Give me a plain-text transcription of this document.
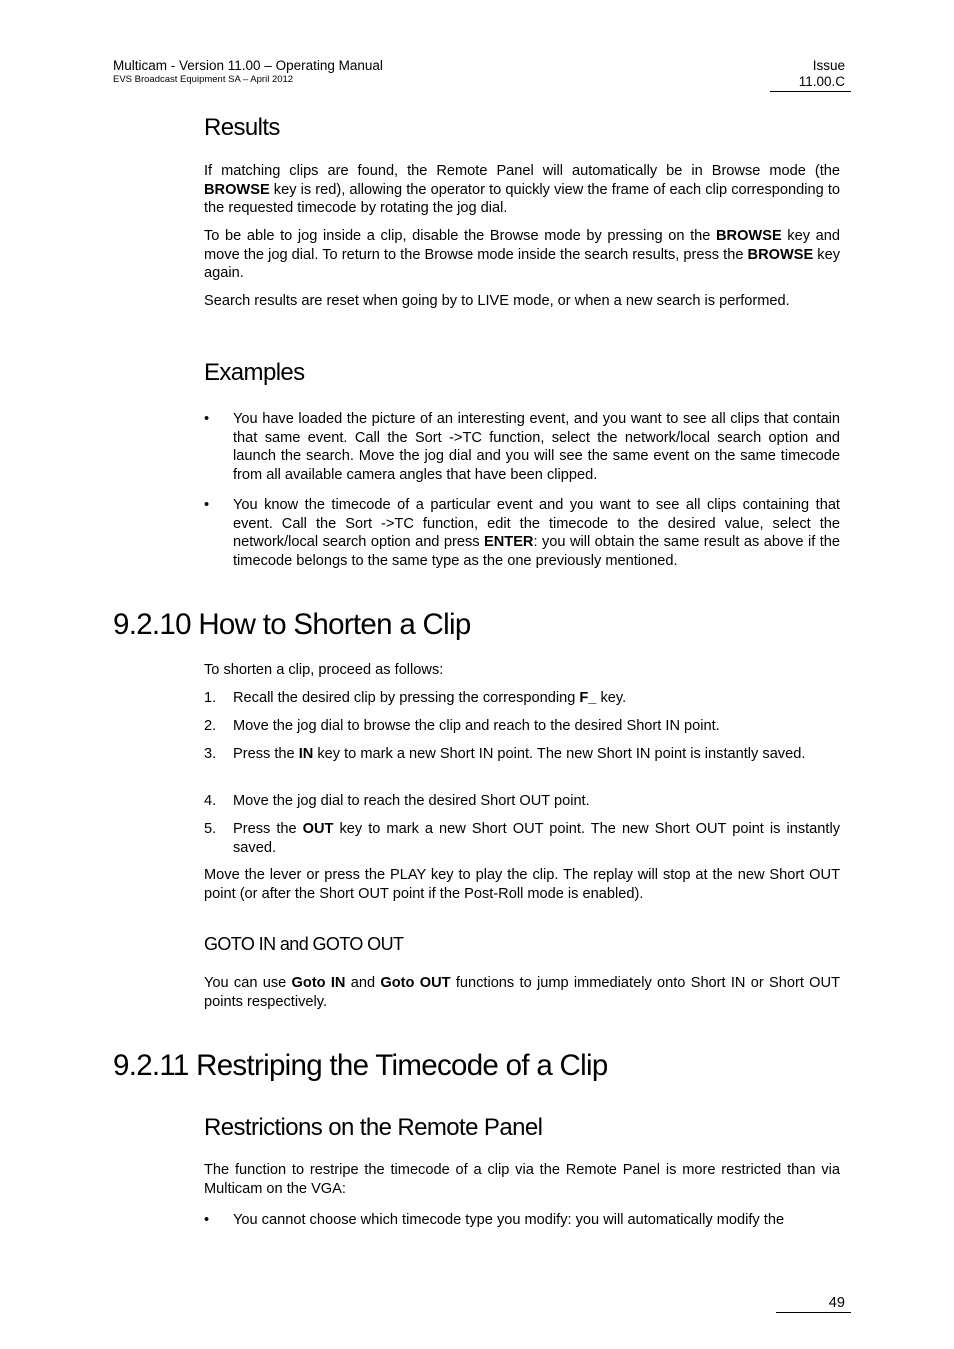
Multicam - Version 11.00 – Operating Manual
EVS Broadcast Equipment SA – April 2012
Issue
11.00.C
Results

If matching clips are found, the Remote Panel will automatically be in Browse mode (the BROWSE key is red), allowing the operator to quickly view the frame of each clip corresponding to the requested timecode by rotating the jog dial.

To be able to jog inside a clip, disable the Browse mode by pressing on the BROWSE key and move the jog dial. To return to the Browse mode inside the search results, press the BROWSE key again.

Search results are reset when going by to LIVE mode, or when a new search is performed.

Examples
•	You have loaded the picture of an interesting event, and you want to see all clips that contain that same event. Call the Sort ->TC function, select the network/local search option and launch the search. Move the jog dial and you will see the same event on the same timecode from all available camera angles that have been clipped.
•	You know the timecode of a particular event and you want to see all clips containing that event. Call the Sort ->TC function, edit the timecode to the desired value, select the network/local search option and press ENTER: you will obtain the same result as above if the timecode belongs to the same type as the one previously mentioned.
9.2.10 How to Shorten a Clip

To shorten a clip, proceed as follows:

1.	Recall the desired clip by pressing the corresponding F_ key.
2.	Move the jog dial to browse the clip and reach to the desired Short IN point.
3.	Press the IN key to mark a new Short IN point. The new Short IN point is instantly saved.
4.	Move the jog dial to reach the desired Short OUT point.
5.	Press the OUT key to mark a new Short OUT point. The new Short OUT point is instantly saved.

Move the lever or press the PLAY key to play the clip. The replay will stop at the new Short OUT point (or after the Short OUT point if the Post-Roll mode is enabled).

GOTO IN and GOTO OUT

You can use Goto IN and Goto OUT functions to jump immediately onto Short IN or Short OUT points respectively.

9.2.11 Restriping the Timecode of a Clip
Restrictions on the Remote Panel

The function to restripe the timecode of a clip via the Remote Panel is more restricted than via Multicam on the VGA:

•	You cannot choose which timecode type you modify: you will automatically modify the
49
